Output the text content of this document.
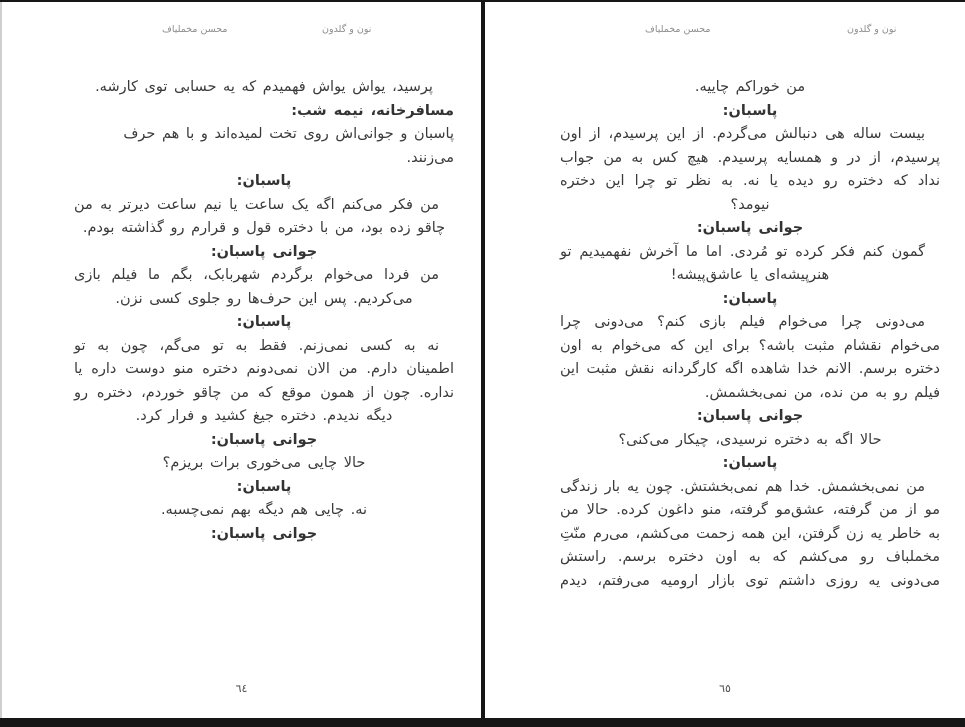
محسن مخملیاف	نون و گلدون

پرسید، یواش یواش فهمیدم که یه حسابی توی کارشه.

مسافرخانه، نیمه شب:

پاسبان و جوانی‌اش روی تخت لمیده‌اند و با هم حرف می‌زنند.

پاسبان:

من فکر می‌کنم اگه یک ساعت یا نیم ساعت دیرتر به من چاقو زده بود، من با دختره قول و قرارم رو گذاشته بودم.

جوانی پاسبان:

من فردا می‌خوام برگردم شهربابک، بگم ما فیلم بازی می‌کردیم. پس این حرف‌ها رو جلوی کسی نزن.

پاسبان:

نه به کسی نمی‌زنم. فقط به تو می‌گم، چون به تو اطمینان دارم. من الان نمی‌دونم دختره منو دوست داره یا نداره. چون از همون موقع که من چاقو خوردم، دختره رو دیگه ندیدم. دختره جیغ کشید و فرار کرد.

جوانی پاسبان:

حالا چایی می‌خوری برات بریزم؟

پاسبان:

نه. چایی هم دیگه بهم نمی‌چسبه.

جوانی پاسبان:

٦٤
محسن مخملیاف	نون و گلدون

من خوراکم چاییه.

پاسبان:

بیست ساله هی دنبالش می‌گردم. از این پرسیدم، از اون پرسیدم، از در و همسایه پرسیدم. هیچ کس به من جواب نداد که دختره رو دیده یا نه. به نظر تو چرا این دختره نیومد؟

جوانی پاسبان:

گمون کنم فکر کرده تو مُردی. اما ما آخرش نفهمیدیم تو هنرپیشه‌ای یا عاشق‌پیشه!

پاسبان:

می‌دونی چرا می‌خوام فیلم بازی کنم؟ می‌دونی چرا می‌خوام نقشام مثبت باشه؟ برای این که می‌خوام به اون دختره برسم. الانم خدا شاهده اگه کارگردانه نقش مثبت این فیلم رو به من نده، من نمی‌بخشمش.

جوانی پاسبان:

حالا اگه به دختره نرسیدی، چیکار می‌کنی؟

پاسبان:

من نمی‌بخشمش. خدا هم نمی‌بخشتش. چون یه بار زندگی مو از من گرفته، عشق‌مو گرفته، منو داغون کرده. حالا من به خاطر یه زن گرفتن، این همه زحمت می‌کشم، می‌رم منّتِ مخملباف رو می‌کشم که به اون دختره برسم. راستش می‌دونی یه روزی داشتم توی بازار ارومیه می‌رفتم، دیدم

٦٥
